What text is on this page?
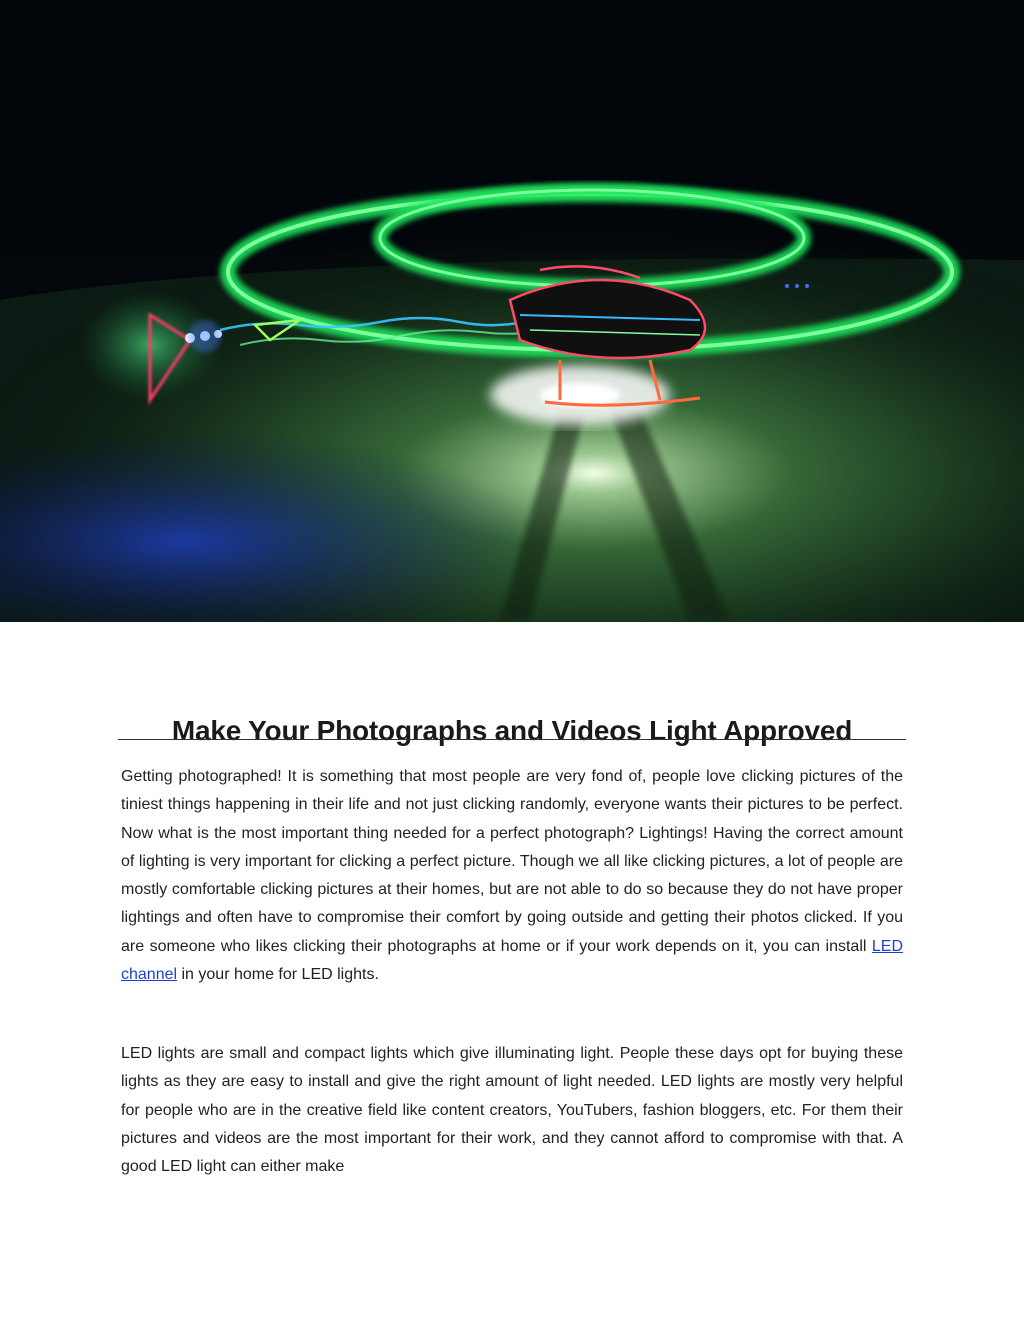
Make Your Photographs and Videos Light Approved

Getting photographed! It is something that most people are very fond of, people love clicking pictures of the tiniest things happening in their life and not just clicking randomly, everyone wants their pictures to be perfect. Now what is the most important thing needed for a perfect photograph? Lightings! Having the correct amount of lighting is very important for clicking a perfect picture. Though we all like clicking pictures, a lot of people are mostly comfortable clicking pictures at their homes, but are not able to do so because they do not have proper lightings and often have to compromise their comfort by going outside and getting their photos clicked. If you are someone who likes clicking their photographs at home or if your work depends on it, you can install LED channel in your home for LED lights.

LED lights are small and compact lights which give illuminating light. People these days opt for buying these lights as they are easy to install and give the right amount of light needed. LED lights are mostly very helpful for people who are in the creative field like content creators, YouTubers, fashion bloggers, etc. For them their pictures and videos are the most important for their work, and they cannot afford to compromise with that. A good LED light can either make
